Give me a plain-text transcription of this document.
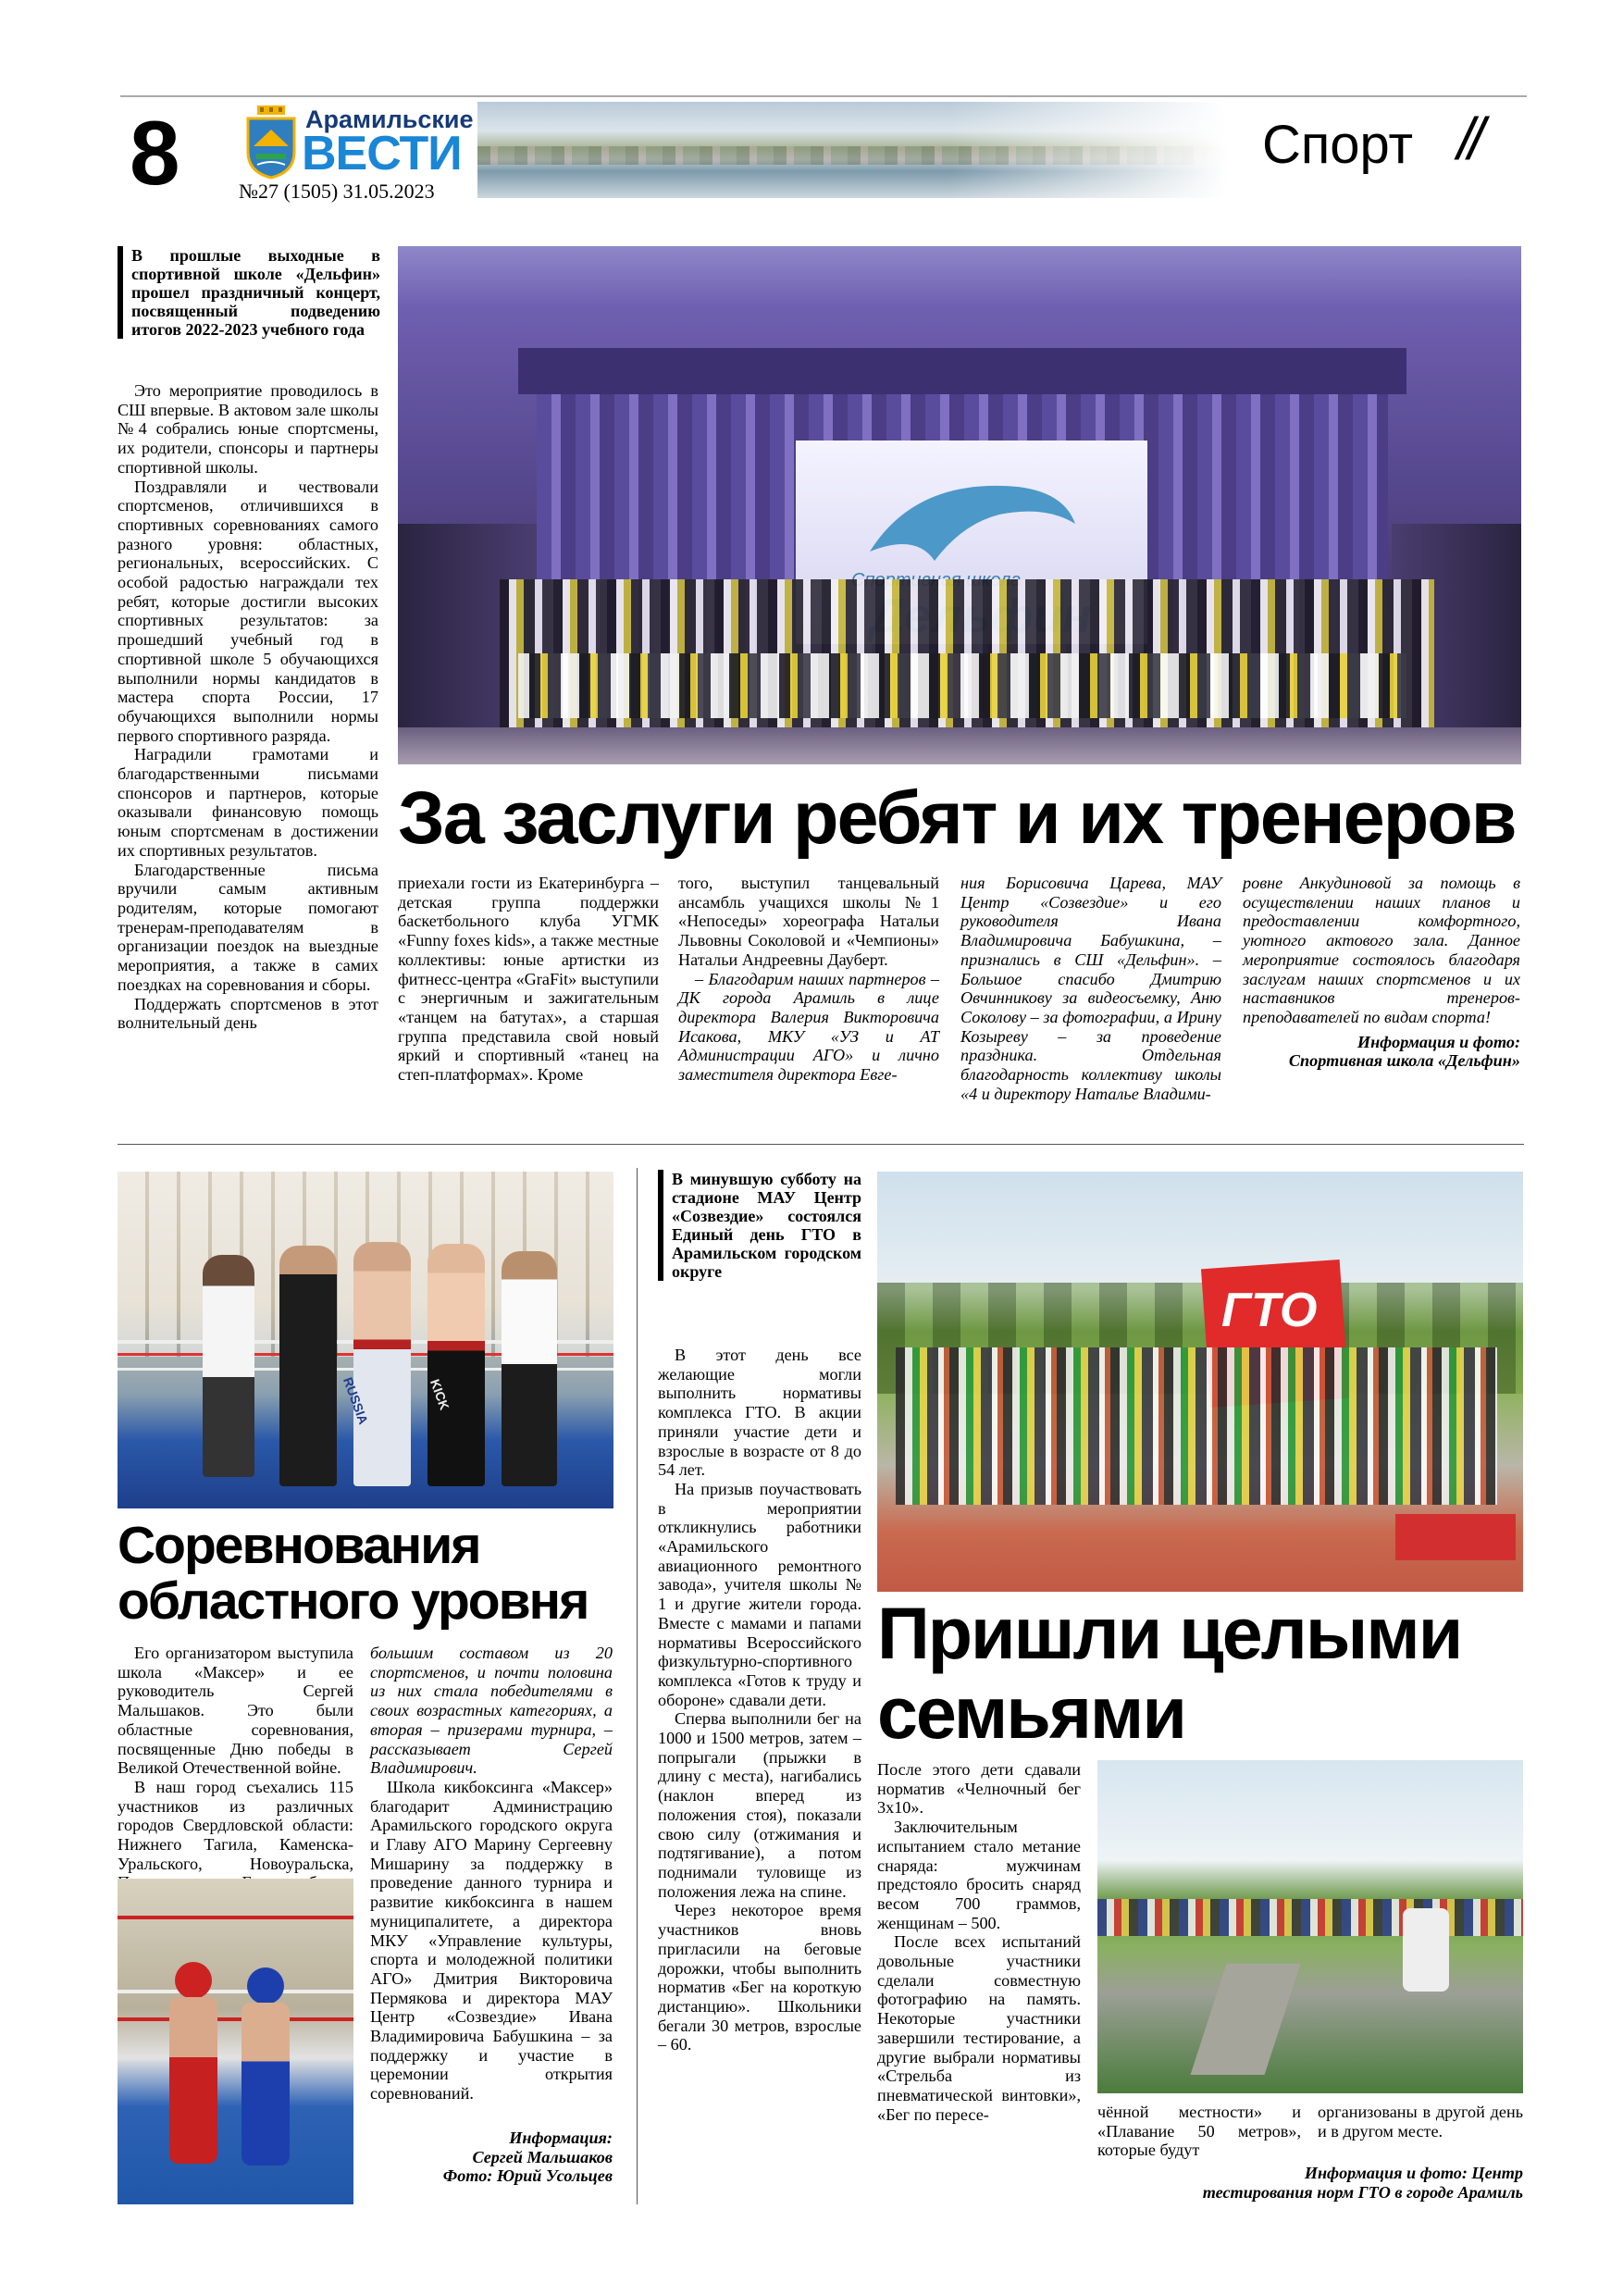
8	Арамильские
ВЕСТИ
№27 (1505) 31.05.2023
Спорт //
В прошлые выходные в спортивной школе «Дельфин» прошел праздничный концерт, посвященный подведению итогов 2022-2023 учебного года

Это мероприятие проводилось в СШ впервые. В актовом зале школы №4 собрались юные спортсмены, их родители, спонсоры и партнеры спортивной школы.

Поздравляли и чествовали спортсменов, отличившихся в спортивных соревнованиях самого разного уровня: областных, региональных, всероссийских. С особой радостью награждали тех ребят, которые достигли высоких спортивных результатов: за прошедший учебный год в спортивной школе 5 обучающихся выполнили нормы кандидатов в мастера спорта России, 17 обучающихся выполнили нормы первого спортивного разряда.

Наградили грамотами и благодарственными письмами спонсоров и партнеров, которые оказывали финансовую помощь юным спортсменам в достижении их спортивных результатов.

Благодарственные письма вручили самым активным родителям, которые помогают тренерам-преподавателям в организации поездок на выездные мероприятия, а также в самих поездках на соревнования и сборы.

Поддержать спортсменов в этот волнительный день

За заслуги ребят и их тренеров

приехали гости из Екатеринбурга – детская группа поддержки баскетбольного клуба УГМК «Funny foxes kids», а также местные коллективы: юные артистки из фитнесс-центра «GraFit» выступили с энергичным и зажигательным «танцем на батутах», а старшая группа представила свой новый яркий и спортивный «танец на степ-платформах». Кроме

того, выступил танцевальный ансамбль учащихся школы №1 «Непоседы» хореографа Натальи Львовны Соколовой и «Чемпионы» Натальи Андреевны Дауберт.

– Благодарим наших партнеров – ДК города Арамиль в лице директора Валерия Викторовича Исакова, МКУ «УЗ и АТ Администрации АГО» и лично заместителя директора Евге-

ния Борисовича Царева, МАУ Центр «Созвездие» и его руководителя Ивана Владимировича Бабушкина, – признались в СШ «Дельфин». – Большое спасибо Дмитрию Овчинникову за видеосъемку, Аню Соколову – за фотографии, а Ирину Козыреву – за проведение праздника. Отдельная благодарность коллективу школы «4 и директору Наталье Владими-

ровне Анкудиновой за помощь в осуществлении наших планов и предоставлении комфортного, уютного актового зала. Данное мероприятие состоялось благодаря заслугам наших спортсменов и их наставников тренеров-преподавателей по видам спорта!

Информация и фото:

Спортивная школа «Дельфин»

RUSSIA	KICK
Соревнования областного уровня

Его организатором выступила школа «Максер» и ее руководитель Сергей Мальшаков. Это были областные соревнования, посвященные Дню победы в Великой Отечественной войне.

В наш город съехались 115 участников из различных городов Свердловской области: Нижнего Тагила, Каменска-Уральского, Новоуральска,

большим составом из 20 спортсменов, и почти половина из них стала победителями в своих возрастных категориях, а вторая – призерами турнира, – рассказывает Сергей Владимирович.

Школа кикбоксинга «Максер» благодарит Администрацию Арамильского городского округа и Главу АГО Марину Сергеевну Мишарину за поддержку в проведение данного турнира и развитие кикбоксинга в нашем муниципалитете, а директора МКУ «Управление культуры, спорта и молодежной политики АГО» Дмитрия Викторовича Пермякова и директора МАУ Центр «Созвездие» Ивана Владимировича Бабушкина – за поддержку и участие в церемонии открытия соревнований.

Информация:

Сергей Мальшаков

Фото: Юрий Усольцев

В минувшую субботу на стадионе МАУ Центр «Созвездие» состоялся Единый день ГТО в Арамильском городском округе

В этот день все желающие могли выполнить нормативы комплекса ГТО. В акции приняли участие дети и взрослые в возрасте от 8 до 54 лет.

На призыв поучаствовать в мероприятии откликнулись работники «Арамильского авиационного ремонтного завода», учителя школы № 1 и другие жители города. Вместе с мамами и папами нормативы Всероссийского физкультурно-спортивного комплекса «Готов к труду и обороне» сдавали дети.

Сперва выполнили бег на 1000 и 1500 метров, затем – попрыгали (прыжки в длину с места), нагибались (наклон вперед из положения стоя), показали свою силу (отжимания и подтягивание), а потом поднимали туловище из положения лежа на спине.

Через некоторое время участников вновь пригласили на беговые дорожки, чтобы выполнить норматив «Бег на короткую дистанцию». Школьники бегали 30 метров, взрослые – 60.

ГТО
Пришли целыми семьями

После этого дети сдавали норматив «Челночный бег 3х10».

Заключительным испытанием стало метание снаряда: мужчинам предстояло бросить снаряд весом 700 граммов, женщинам – 500.

После всех испытаний довольные участники сделали совместную фотографию на память. Некоторые участники завершили тестирование, а другие выбрали нормативы «Стрельба из пневматической винтовки», «Бег по пересе-	чённой местности» и «Плавание 50 метров», которые будут

организованы в другой день и в другом месте.

Информация и фото: Центр

тестирования норм ГТО в городе Арамиль
